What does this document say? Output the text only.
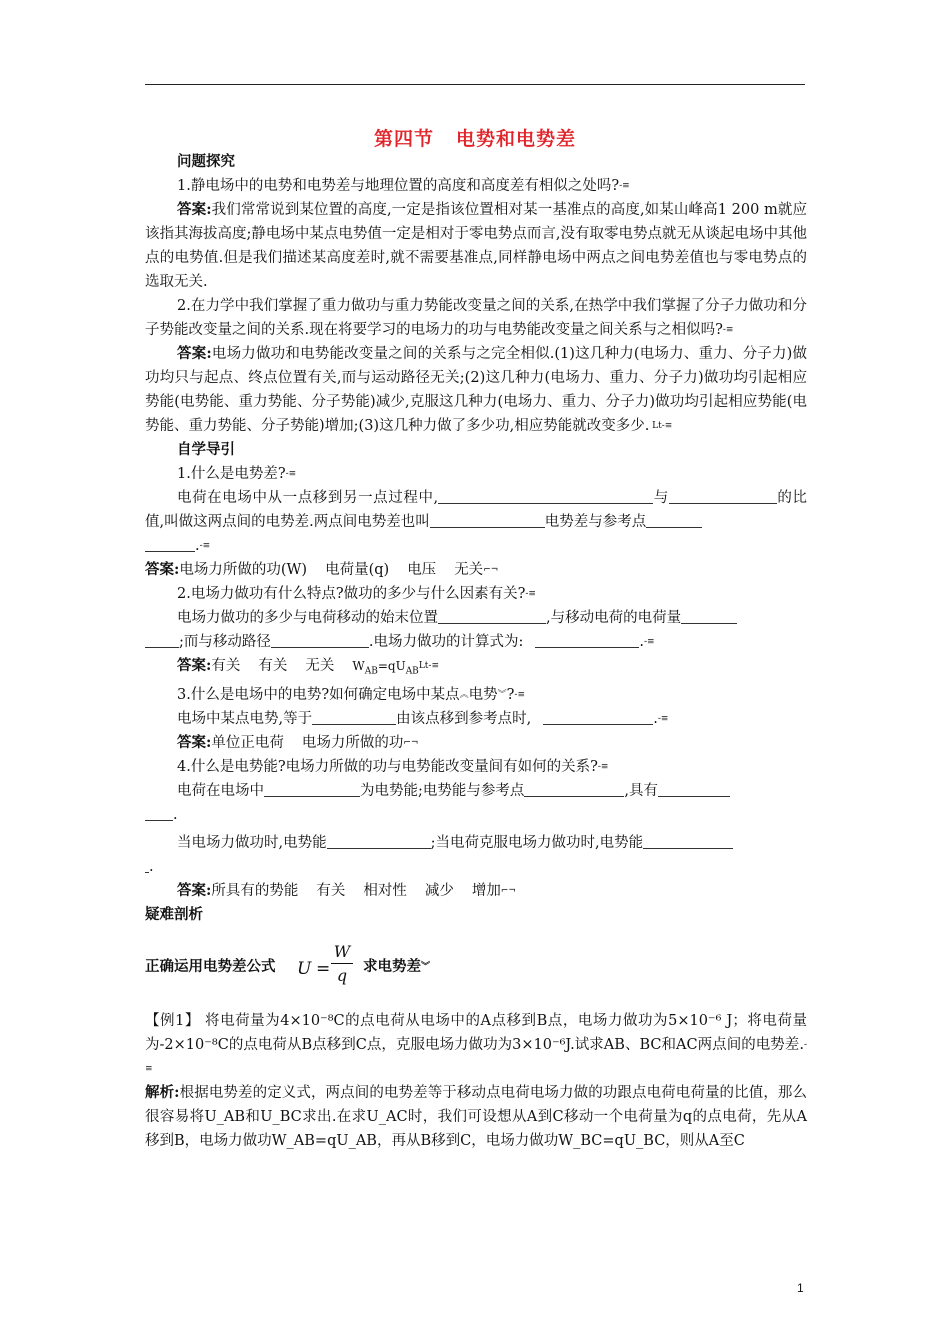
第四节 电势和电势差
问题探究
1.静电场中的电势和电势差与地理位置的高度和高度差有相似之处吗?-≡
答案:我们常常说到某位置的高度,一定是指该位置相对某一基准点的高度,如某山峰高1 200 m就应该指其海拔高度;静电场中某点电势值一定是相对于零电势点而言,没有取零电势点就无从谈起电场中其他点的电势值.但是我们描述某高度差时,就不需要基准点,同样静电场中两点之间电势差值也与零电势点的选取无关.
2.在力学中我们掌握了重力做功与重力势能改变量之间的关系,在热学中我们掌握了分子力做功和分子势能改变量之间的关系.现在将要学习的电场力的功与电势能改变量之间关系与之相似吗?-≡
答案:电场力做功和电势能改变量之间的关系与之完全相似.(1)这几种力(电场力、重力、分子力)做功均只与起点、终点位置有关,而与运动路径无关;(2)这几种力(电场力、重力、分子力)做功均引起相应势能(电势能、重力势能、分子势能)减少,克服这几种力(电场力、重力、分子力)做功均引起相应势能(电势能、重力势能、分子势能)增加;(3)这几种力做了多少功,相应势能就改变多少. Lt-≡
自学导引
1.什么是电势差?-≡
电荷在电场中从一点移到另一点过程中,	与	的比值,叫做这两点间的电势差.两点间电势差也叫	电势差与参考点
.-≡
答案:电场力所做的功(W) 电荷量(q) 电压 无关⌐¬
2.电场力做功有什么特点?做功的多少与什么因素有关?-≡
电场力做功的多少与电荷移动的始末位置	,与移动电荷的电荷量
;而与移动路径	.电场力做功的计算式为:	.-≡
答案:有关 有关 无关 $W_{AB}=qU_{AB}Lt-\equiv$
3.什么是电场中的电势?如何确定电场中某点︽电势︾?-≡
电场中某点电势,等于	由该点移到参考点时,	.-≡
答案:单位正电荷 电场力所做的功⌐¬
4.什么是电势能?电场力所做的功与电势能改变量间有如何的关系?-≡
电荷在电场中	为电势能;电势能与参考点	,具有
.
当电场力做功时,电势能	;当电荷克服电场力做功时,电势能
.
答案:所具有的势能 有关 相对性 减少 增加⌐¬
疑难剖析
正确运用电势差公式 $U = \frac{W}{q}$ 求电势差︾
【例1】 将电荷量为4×10⁻⁸C的点电荷从电场中的A点移到B点，电场力做功为5×10⁻⁶ J；将电荷量为-2×10⁻⁸C的点电荷从B点移到C点，克服电场力做功为3×10⁻⁶J.试求AB、BC和AC两点间的电势差.-≡
解析:根据电势差的定义式，两点间的电势差等于移动点电荷电场力做的功跟点电荷电荷量的比值，那么很容易将U_AB和U_BC求出.在求U_AC时，我们可设想从A到C移动一个电荷量为q的点电荷，先从A移到B，电场力做功W_AB=qU_AB，再从B移到C，电场力做功W_BC=qU_BC，则从A至C
1
